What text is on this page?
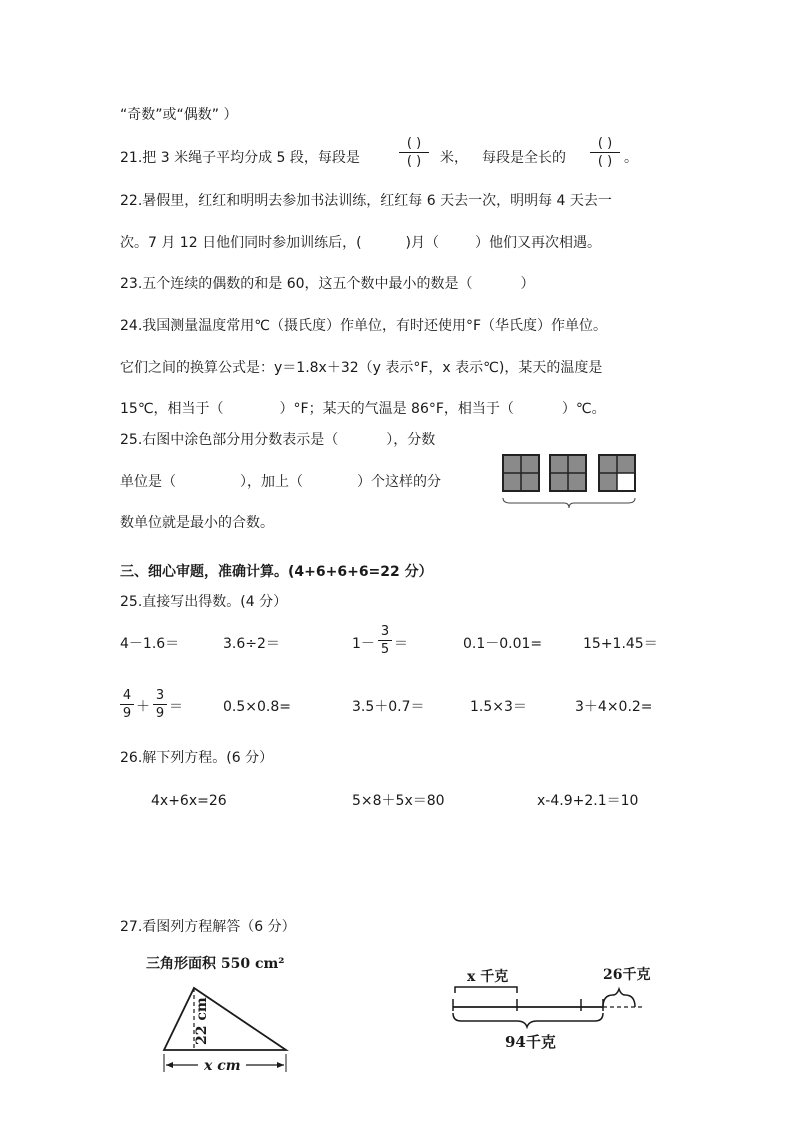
“奇数”或“偶数” ）
21.把 3 米绳子平均分成 5 段，每段是
( )
( )	米， 每段是全长的
( )
( ) 。
22.暑假里，红红和明明去参加书法训练，红红每 6 天去一次，明明每 4 天去一
次。7 月 12 日他们同时参加训练后，(	)月（	）他们又再次相遇。
23.五个连续的偶数的和是 60，这五个数中最小的数是（	）
24.我国测量温度常用℃（摄氏度）作单位，有时还使用°F（华氏度）作单位。
它们之间的换算公式是：y＝1.8x＋32（y 表示°F，x 表示℃)，某天的温度是
15℃，相当于（	）°F；某天的气温是 86°F，相当于（	）℃。
25.右图中涂色部分用分数表示是（	），分数
单位是（	），加上（	）个这样的分
数单位就是最小的合数。
三、细心审题，准确计算。(4+6+6+6=22 分）
25.直接写出得数。(4 分）
4－1.6＝	3.6÷2＝	1－
3
5 ＝	0.1－0.01=	15+1.45＝
4
9 ＋
3
9 ＝	0.5×0.8=	3.5＋0.7＝	1.5×3＝	3＋4×0.2=
26.解下列方程。(6 分）
4x+6x=26	5×8＋5x＝80	x-4.9+2.1＝10
27.看图列方程解答（6 分）
三角形面积 550 cm²
22 cm
x cm
x 千克	26千克
94千克
